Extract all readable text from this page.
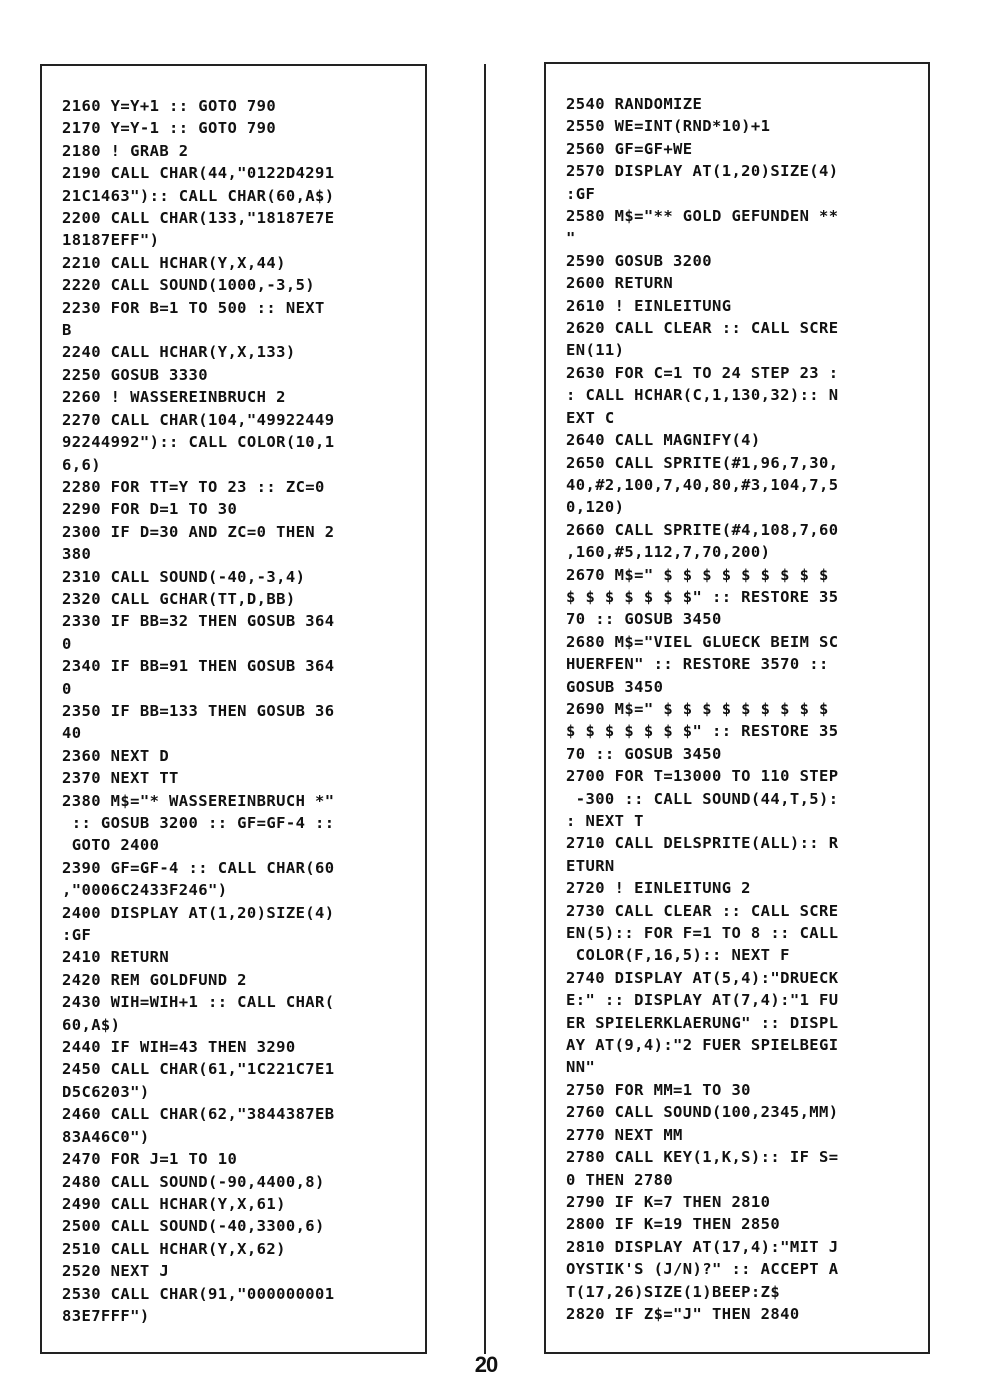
2160 Y=Y+1 :: GOTO 790
2170 Y=Y-1 :: GOTO 790
2180 ! GRAB 2
2190 CALL CHAR(44,"0122D4291
21C1463"):: CALL CHAR(60,A$)
2200 CALL CHAR(133,"18187E7E
18187EFF")
2210 CALL HCHAR(Y,X,44)
2220 CALL SOUND(1000,-3,5)
2230 FOR B=1 TO 500 :: NEXT
B
2240 CALL HCHAR(Y,X,133)
2250 GOSUB 3330
2260 ! WASSEREINBRUCH 2
2270 CALL CHAR(104,"49922449
92244992"):: CALL COLOR(10,1
6,6)
2280 FOR TT=Y TO 23 :: ZC=0
2290 FOR D=1 TO 30
2300 IF D=30 AND ZC=0 THEN 2
380
2310 CALL SOUND(-40,-3,4)
2320 CALL GCHAR(TT,D,BB)
2330 IF BB=32 THEN GOSUB 364
0
2340 IF BB=91 THEN GOSUB 364
0
2350 IF BB=133 THEN GOSUB 36
40
2360 NEXT D
2370 NEXT TT
2380 M$="* WASSEREINBRUCH *"
:: GOSUB 3200 :: GF=GF-4 ::
GOTO 2400
2390 GF=GF-4 :: CALL CHAR(60
,"0006C2433F246")
2400 DISPLAY AT(1,20)SIZE(4)
:GF
2410 RETURN
2420 REM GOLDFUND 2
2430 WIH=WIH+1 :: CALL CHAR(
60,A$)
2440 IF WIH=43 THEN 3290
2450 CALL CHAR(61,"1C221C7E1
D5C6203")
2460 CALL CHAR(62,"3844387EB
83A46C0")
2470 FOR J=1 TO 10
2480 CALL SOUND(-90,4400,8)
2490 CALL HCHAR(Y,X,61)
2500 CALL SOUND(-40,3300,6)
2510 CALL HCHAR(Y,X,62)
2520 NEXT J
2530 CALL CHAR(91,"000000001
83E7FFF")
2540 RANDOMIZE
2550 WE=INT(RND*10)+1
2560 GF=GF+WE
2570 DISPLAY AT(1,20)SIZE(4)
:GF
2580 M$="** GOLD GEFUNDEN **
"
2590 GOSUB 3200
2600 RETURN
2610 ! EINLEITUNG
2620 CALL CLEAR :: CALL SCRE
EN(11)
2630 FOR C=1 TO 24 STEP 23 :
: CALL HCHAR(C,1,130,32):: N
EXT C
2640 CALL MAGNIFY(4)
2650 CALL SPRITE(#1,96,7,30,
40,#2,100,7,40,80,#3,104,7,5
0,120)
2660 CALL SPRITE(#4,108,7,60
,160,#5,112,7,70,200)
2670 M$=" $ $ $ $ $ $ $ $ $
$ $ $ $ $ $ $" :: RESTORE 35
70 :: GOSUB 3450
2680 M$="VIEL GLUECK BEIM SC
HUERFEN" :: RESTORE 3570 ::
GOSUB 3450
2690 M$=" $ $ $ $ $ $ $ $ $
$ $ $ $ $ $ $" :: RESTORE 35
70 :: GOSUB 3450
2700 FOR T=13000 TO 110 STEP
-300 :: CALL SOUND(44,T,5):
: NEXT T
2710 CALL DELSPRITE(ALL):: R
ETURN
2720 ! EINLEITUNG 2
2730 CALL CLEAR :: CALL SCRE
EN(5):: FOR F=1 TO 8 :: CALL
COLOR(F,16,5):: NEXT F
2740 DISPLAY AT(5,4):"DRUECK
E:" :: DISPLAY AT(7,4):"1 FU
ER SPIELERKLAERUNG" :: DISPL
AY AT(9,4):"2 FUER SPIELBEGI
NN"
2750 FOR MM=1 TO 30
2760 CALL SOUND(100,2345,MM)
2770 NEXT MM
2780 CALL KEY(1,K,S):: IF S=
0 THEN 2780
2790 IF K=7 THEN 2810
2800 IF K=19 THEN 2850
2810 DISPLAY AT(17,4):"MIT J
OYSTIK'S (J/N)?" :: ACCEPT A
T(17,26)SIZE(1)BEEP:Z$
2820 IF Z$="J" THEN 2840
20
